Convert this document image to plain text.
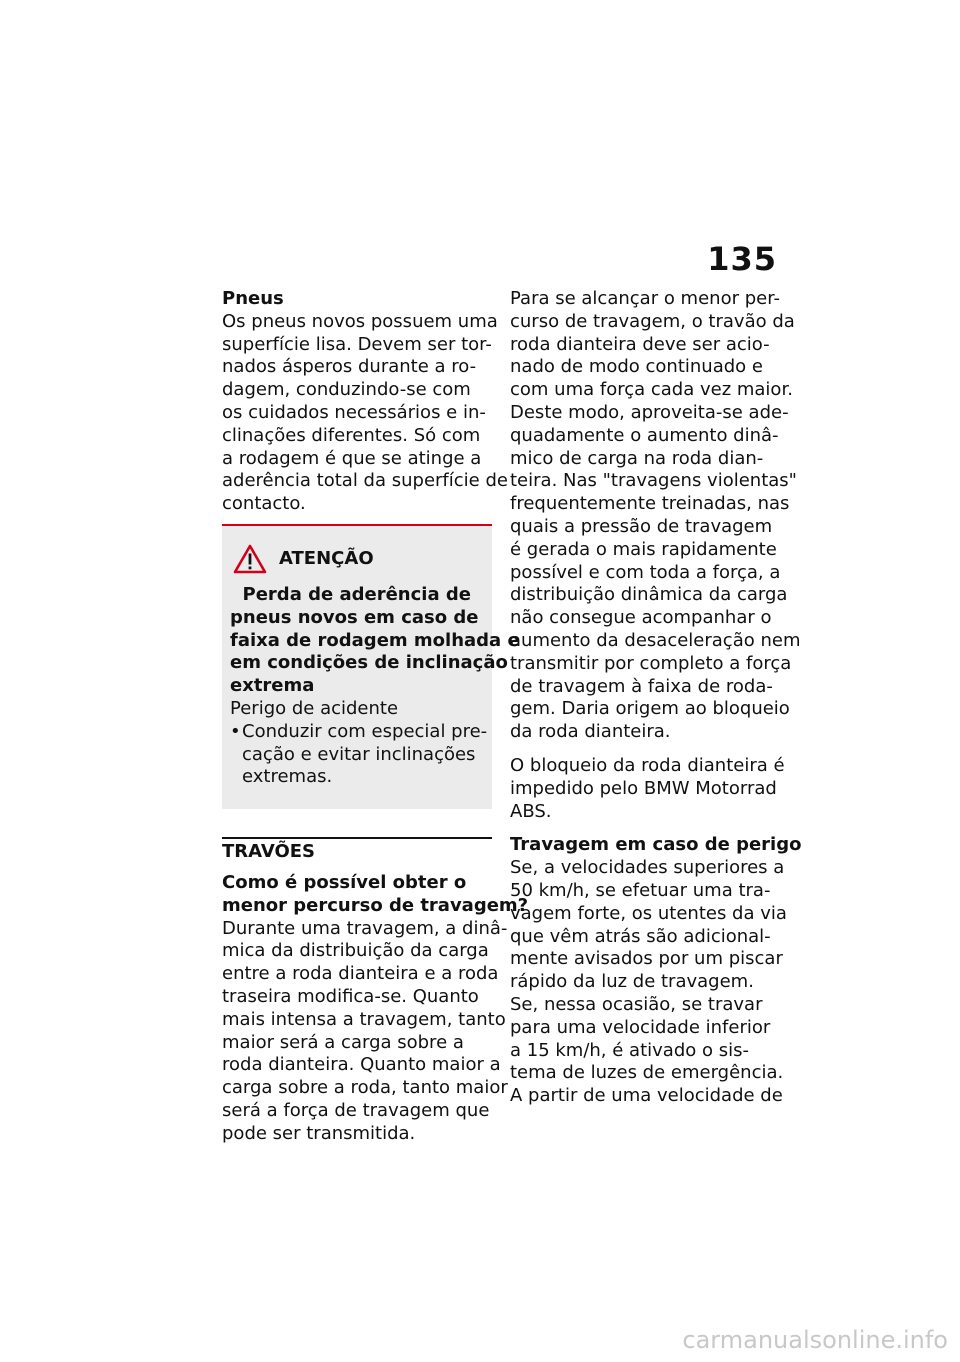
135
Pneus
Os pneus novos possuem uma
superfície lisa. Devem ser tor-
nados ásperos durante a ro-
dagem, conduzindo-se com
os cuidados necessários e in-
clinações diferentes. Só com
a rodagem é que se atinge a
aderência total da superfície de
contacto.
ATENÇÃO
Perda de aderência de
pneus novos em caso de
faixa de rodagem molhada e
em condições de inclinação
extrema
Perigo de acidente
• Conduzir com especial pre-
cação e evitar inclinações
extremas.
TRAVÕES
Como é possível obter o
menor percurso de travagem?
Durante uma travagem, a dinâ-
mica da distribuição da carga
entre a roda dianteira e a roda
traseira modifica-se. Quanto
mais intensa a travagem, tanto
maior será a carga sobre a
roda dianteira. Quanto maior a
carga sobre a roda, tanto maior
será a força de travagem que
pode ser transmitida.
Para se alcançar o menor per-
curso de travagem, o travão da
roda dianteira deve ser acio-
nado de modo continuado e
com uma força cada vez maior.
Deste modo, aproveita-se ade-
quadamente o aumento dinâ-
mico de carga na roda dian-
teira. Nas "travagens violentas"
frequentemente treinadas, nas
quais a pressão de travagem
é gerada o mais rapidamente
possível e com toda a força, a
distribuição dinâmica da carga
não consegue acompanhar o
aumento da desaceleração nem
transmitir por completo a força
de travagem à faixa de roda-
gem. Daria origem ao bloqueio
da roda dianteira.
O bloqueio da roda dianteira é
impedido pelo BMW Motorrad
ABS.
Travagem em caso de perigo
Se, a velocidades superiores a
50 km/h, se efetuar uma tra-
vagem forte, os utentes da via
que vêm atrás são adicional-
mente avisados por um piscar
rápido da luz de travagem.
Se, nessa ocasião, se travar
para uma velocidade inferior
a 15 km/h, é ativado o sis-
tema de luzes de emergência.
A partir de uma velocidade de
carmanualsonline.info
